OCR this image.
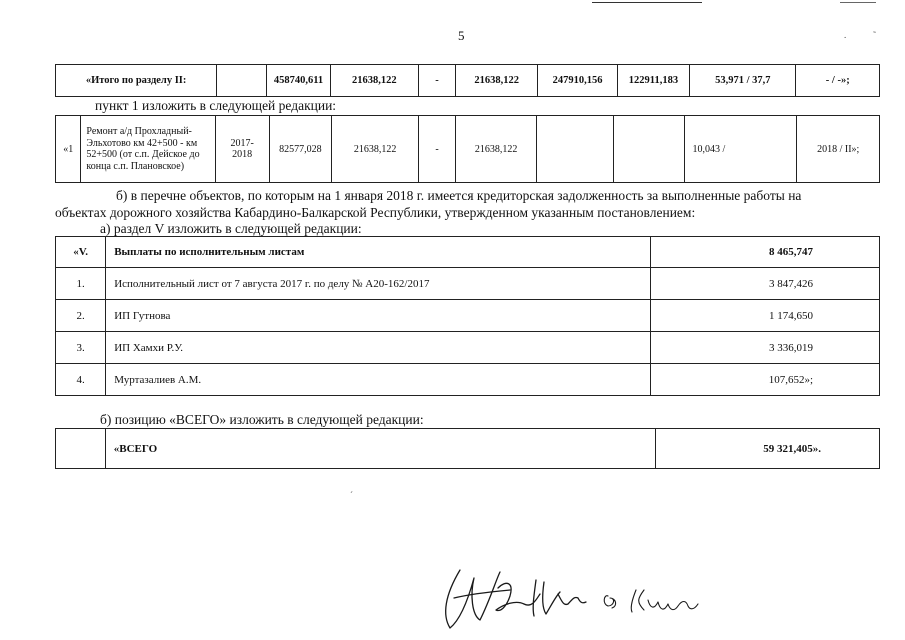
5	.	˜
«Итого по разделу II:		458740,611	21638,122	-	21638,122	247910,156	122911,183	53,971 / 37,7	- / -»;
пункт 1 изложить в следующей редакции:
«1	Ремонт а/д Прохладный-Эльхотово км 42+500 - км 52+500 (от с.п. Дейское до конца с.п. Плановское)	2017-2018	82577,028	21638,122	-	21638,122			10,043 /	2018 / II»;
б) в перечне объектов, по которым на 1 января 2018 г. имеется кредиторская задолженность за выполненные работы на
объектах дорожного хозяйства Кабардино-Балкарской Республики, утвержденном указанным постановлением:
а) раздел V изложить в следующей редакции:
«V.	Выплаты по исполнительным листам	8 465,747
1.	Исполнительный лист от 7 августа 2017 г. по делу № А20-162/2017	3 847,426
2.	ИП Гутнова	1 174,650
3.	ИП Хамхи Р.У.	3 336,019
4.	Муртазалиев А.М.	107,652»;
б) позицию «ВСЕГО» изложить в следующей редакции:
	«ВСЕГО	59 321,405».
ˊ
